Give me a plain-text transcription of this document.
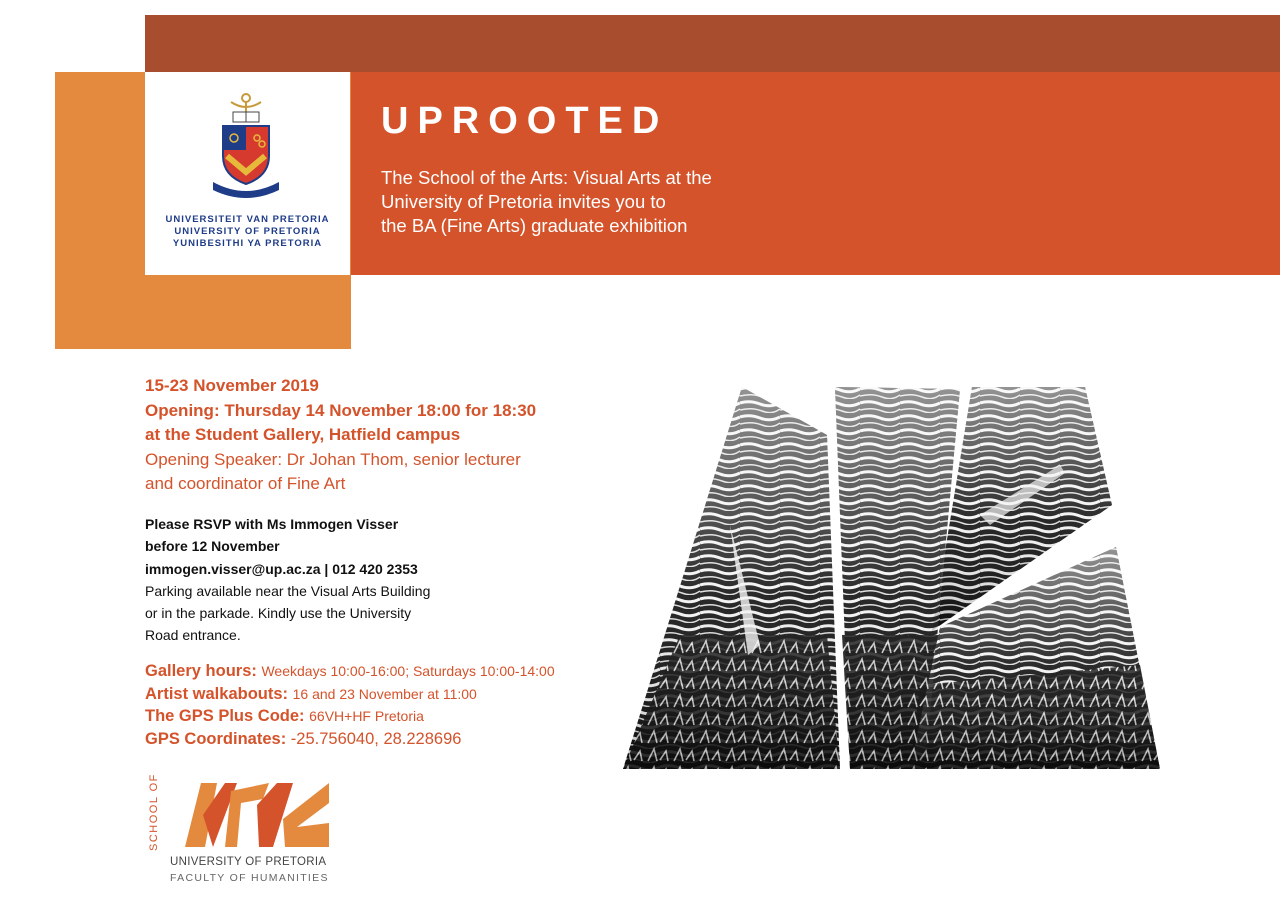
UNIVERSITEIT VAN PRETORIA
UNIVERSITY OF PRETORIA
YUNIBESITHI YA PRETORIA
UPROOTED
The School of the Arts: Visual Arts at the
University of Pretoria invites you to
the BA (Fine Arts) graduate exhibition
15-23 November 2019
Opening: Thursday 14 November 18:00 for 18:30
at the Student Gallery, Hatfield campus
Opening Speaker: Dr Johan Thom, senior lecturer
and coordinator of Fine Art
Please RSVP with Ms Immogen Visser
before 12 November
immogen.visser@up.ac.za | 012 420 2353
Parking available near the Visual Arts Building
or in the parkade. Kindly use the University
Road entrance.
Gallery hours: Weekdays 10:00-16:00; Saturdays 10:00-14:00
Artist walkabouts: 16 and 23 November at 11:00
The GPS Plus Code: 66VH+HF Pretoria
GPS Coordinates: -25.756040, 28.228696
SCHOOL OF THE
UNIVERSITY OF PRETORIA
FACULTY OF HUMANITIES
